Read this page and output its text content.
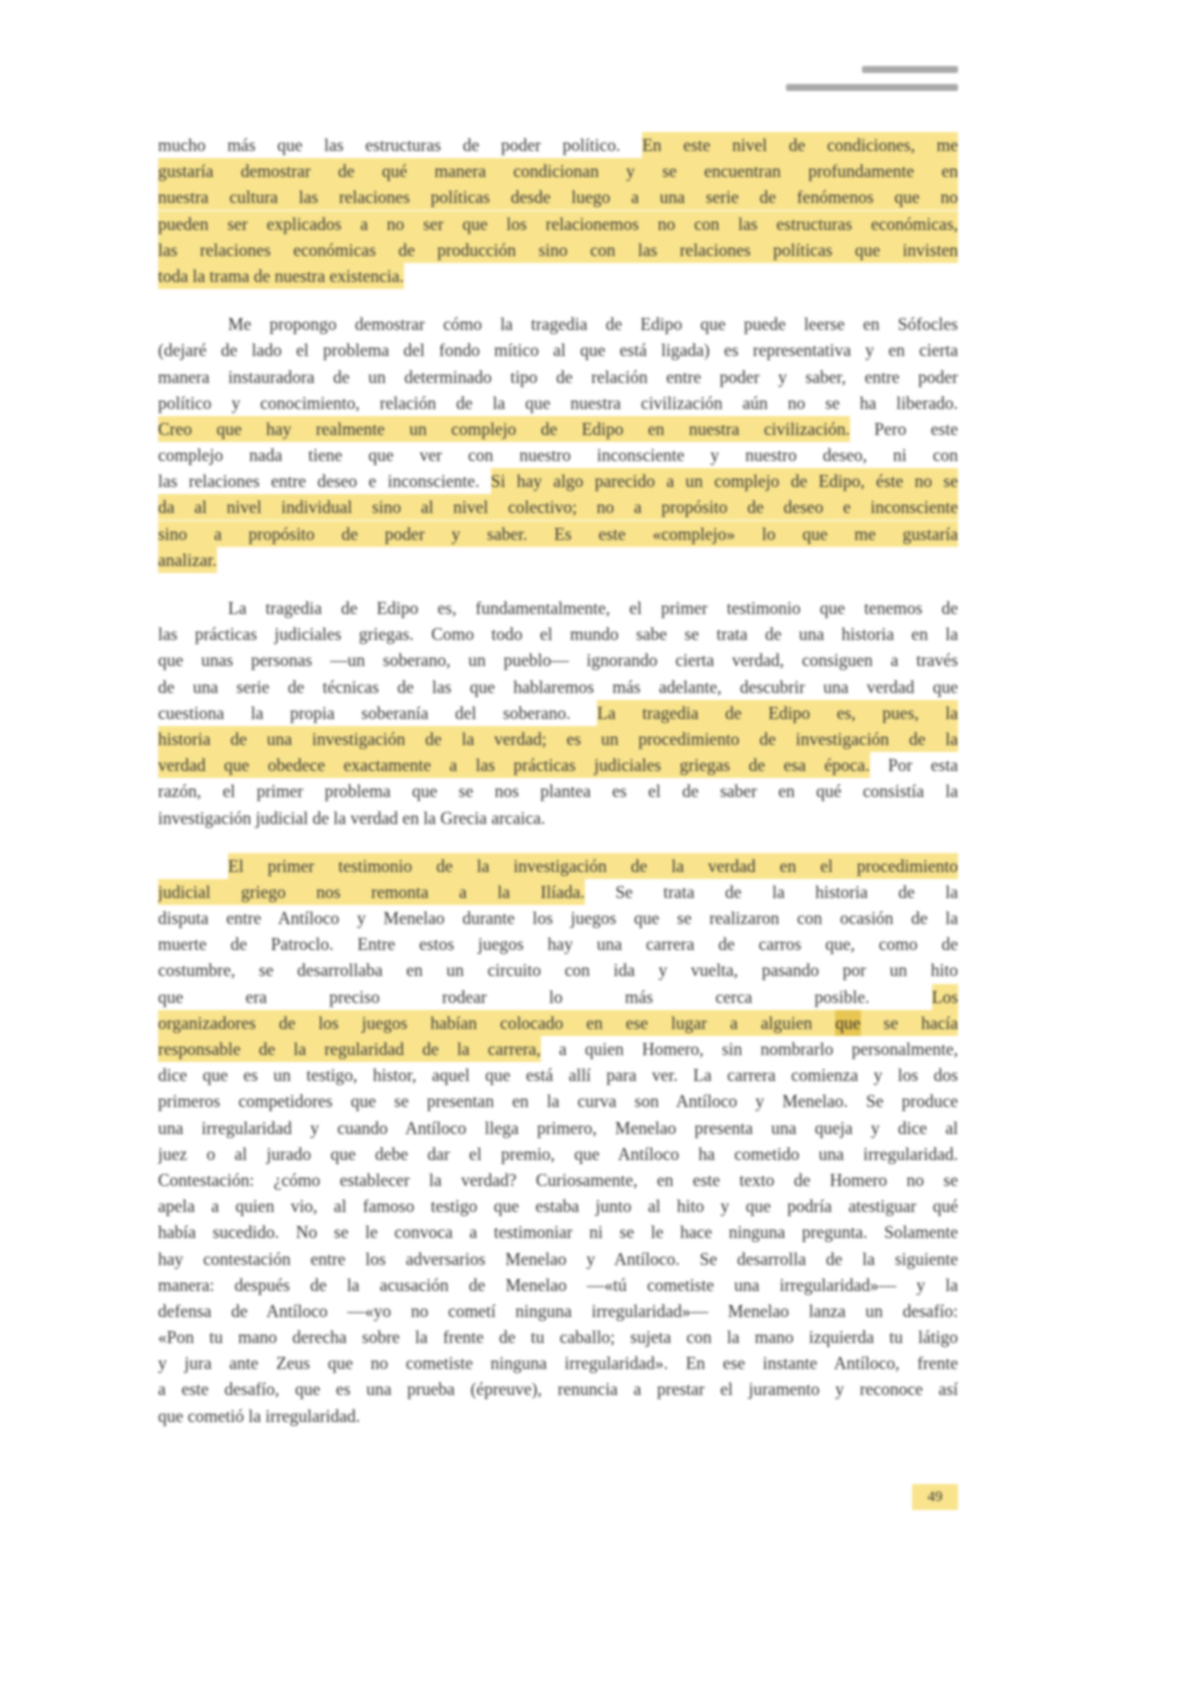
mucho más que las estructuras de poder político. En este nivel de condiciones, me
gustaría demostrar de qué manera condicionan y se encuentran profundamente en
nuestra cultura las relaciones políticas desde luego a una serie de fenómenos que no
pueden ser explicados a no ser que los relacionemos no con las estructuras económicas,
las relaciones económicas de producción sino con las relaciones políticas que invisten
toda la trama de nuestra existencia.
Me propongo demostrar cómo la tragedia de Edipo que puede leerse en Sófocles
(dejaré de lado el problema del fondo mítico al que está ligada) es representativa y en cierta
manera instauradora de un determinado tipo de relación entre poder y saber, entre poder
político y conocimiento, relación de la que nuestra civilización aún no se ha liberado.
Creo que hay realmente un complejo de Edipo en nuestra civilización. Pero este
complejo nada tiene que ver con nuestro inconsciente y nuestro deseo, ni con
las relaciones entre deseo e inconsciente. Si hay algo parecido a un complejo de Edipo, éste no se
da al nivel individual sino al nivel colectivo; no a propósito de deseo e inconsciente
sino a propósito de poder y saber. Es este «complejo» lo que me gustaría
analizar.
La tragedia de Edipo es, fundamentalmente, el primer testimonio que tenemos de
las prácticas judiciales griegas. Como todo el mundo sabe se trata de una historia en la
que unas personas —un soberano, un pueblo— ignorando cierta verdad, consiguen a través
de una serie de técnicas de las que hablaremos más adelante, descubrir una verdad que
cuestiona la propia soberanía del soberano. La tragedia de Edipo es, pues, la
historia de una investigación de la verdad; es un procedimiento de investigación de la
verdad que obedece exactamente a las prácticas judiciales griegas de esa época. Por esta
razón, el primer problema que se nos plantea es el de saber en qué consistía la
investigación judicial de la verdad en la Grecia arcaica.
El primer testimonio de la investigación de la verdad en el procedimiento
judicial griego nos remonta a la Ilíada. Se trata de la historia de la
disputa entre Antíloco y Menelao durante los juegos que se realizaron con ocasión de la
muerte de Patroclo. Entre estos juegos hay una carrera de carros que, como de
costumbre, se desarrollaba en un circuito con ida y vuelta, pasando por un hito
que era preciso rodear lo más cerca posible. Los
organizadores de los juegos habían colocado en ese lugar a alguien que se hacía
responsable de la regularidad de la carrera, a quien Homero, sin nombrarlo personalmente,
dice que es un testigo, histor, aquel que está allí para ver. La carrera comienza y los dos
primeros competidores que se presentan en la curva son Antíloco y Menelao. Se produce
una irregularidad y cuando Antíloco llega primero, Menelao presenta una queja y dice al
juez o al jurado que debe dar el premio, que Antíloco ha cometido una irregularidad.
Contestación: ¿cómo establecer la verdad? Curiosamente, en este texto de Homero no se
apela a quien vio, al famoso testigo que estaba junto al hito y que podría atestiguar qué
había sucedido. No se le convoca a testimoniar ni se le hace ninguna pregunta. Solamente
hay contestación entre los adversarios Menelao y Antíloco. Se desarrolla de la siguiente
manera: después de la acusación de Menelao —«tú cometiste una irregularidad»— y la
defensa de Antíloco —«yo no cometí ninguna irregularidad»— Menelao lanza un desafío:
«Pon tu mano derecha sobre la frente de tu caballo; sujeta con la mano izquierda tu látigo
y jura ante Zeus que no cometiste ninguna irregularidad». En ese instante Antíloco, frente
a este desafío, que es una prueba (épreuve), renuncia a prestar el juramento y reconoce así
que cometió la irregularidad.
49
